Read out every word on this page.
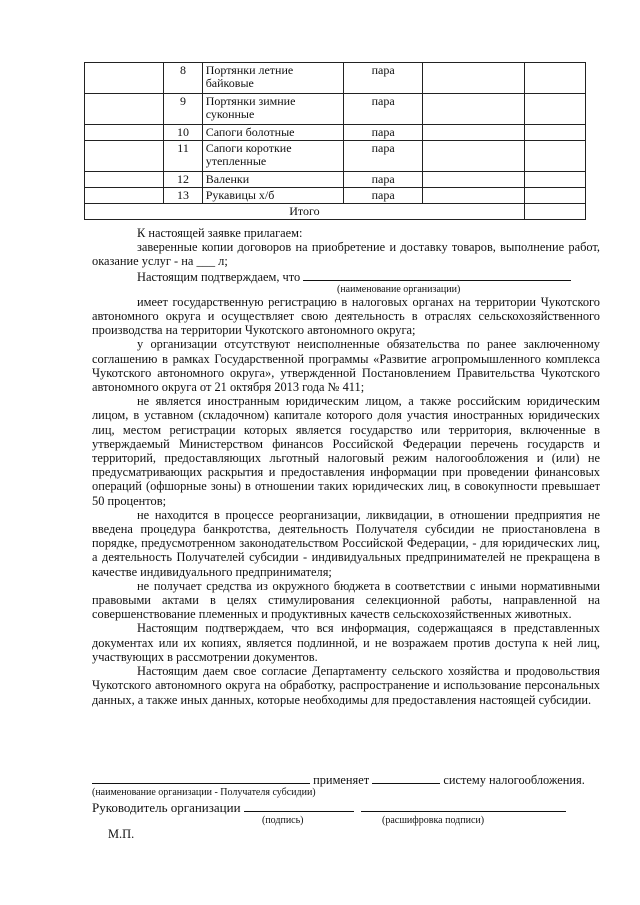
	8	Портянки летние байковые	пара		
	9	Портянки зимние суконные	пара		
	10	Сапоги болотные	пара		
	11	Сапоги короткие утепленные	пара		
	12	Валенки	пара		
	13	Рукавицы х/б	пара		
Итого					

К настоящей заявке прилагаем:

заверенные копии договоров на приобретение и доставку товаров, выполнение работ, оказание услуг - на ___ л;

Настоящим подтверждаем, что

(наименование организации)

имеет государственную регистрацию в налоговых органах на территории Чукотского автономного округа и осуществляет свою деятельность в отраслях сельскохозяйственного производства на территории Чукотского автономного округа;

у организации отсутствуют неисполненные обязательства по ранее заключенному соглашению в рамках Государственной программы «Развитие агропромышленного комплекса Чукотского автономного округа», утвержденной Постановлением Правительства Чукотского автономного округа от 21 октября 2013 года № 411;

не является иностранным юридическим лицом, а также российским юридическим лицом, в уставном (складочном) капитале которого доля участия иностранных юридических лиц, местом регистрации которых является государство или территория, включенные в утверждаемый Министерством финансов Российской Федерации перечень государств и территорий, предоставляющих льготный налоговый режим налогообложения и (или) не предусматривающих раскрытия и предоставления информации при проведении финансовых операций (офшорные зоны) в отношении таких юридических лиц, в совокупности превышает 50 процентов;

не находится в процессе реорганизации, ликвидации, в отношении предприятия не введена процедура банкротства, деятельность Получателя субсидии не приостановлена в порядке, предусмотренном законодательством Российской Федерации, - для юридических лиц, а деятельность Получателей субсидии - индивидуальных предпринимателей не прекращена в качестве индивидуального предпринимателя;

не получает средства из окружного бюджета в соответствии с иными нормативными правовыми актами в целях стимулирования селекционной работы, направленной на совершенствование племенных и продуктивных качеств сельскохозяйственных животных.

Настоящим подтверждаем, что вся информация, содержащаяся в представленных документах или их копиях, является подлинной, и не возражаем против доступа к ней лиц, участвующих в рассмотрении документов.

Настоящим даем свое согласие Департаменту сельского хозяйства и продовольствия Чукотского автономного округа на обработку, распространение и использование персональных данных, а также иных данных, которые необходимы для предоставления настоящей субсидии.

применяет	систему налогообложения.
(наименование организации - Получателя субсидии)
Руководитель организации
(подпись)	(расшифровка подписи)
М.П.
